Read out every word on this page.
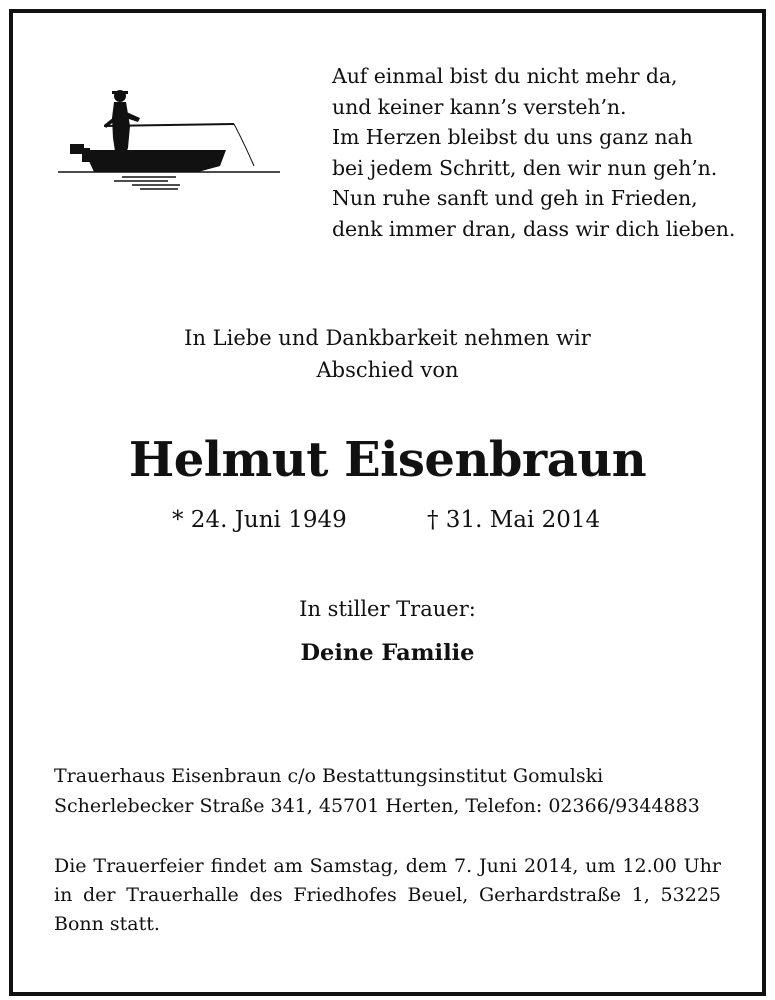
Auf einmal bist du nicht mehr da,
und keiner kann’s versteh’n.
Im Herzen bleibst du uns ganz nah
bei jedem Schritt, den wir nun geh’n.
Nun ruhe sanft und geh in Frieden,
denk immer dran, dass wir dich lieben.
In Liebe und Dankbarkeit nehmen wir
Abschied von
Helmut Eisenbraun
* 24. Juni 1949	† 31. Mai 2014
In stiller Trauer:
Deine Familie
Trauerhaus Eisenbraun c/o Bestattungsinstitut Gomulski
Scherlebecker Straße 341, 45701 Herten, Telefon: 02366/9344883
Die Trauerfeier findet am Samstag, dem 7. Juni 2014, um 12.00 Uhr
in der Trauerhalle des Friedhofes Beuel, Gerhardstraße 1, 53225
Bonn statt.
